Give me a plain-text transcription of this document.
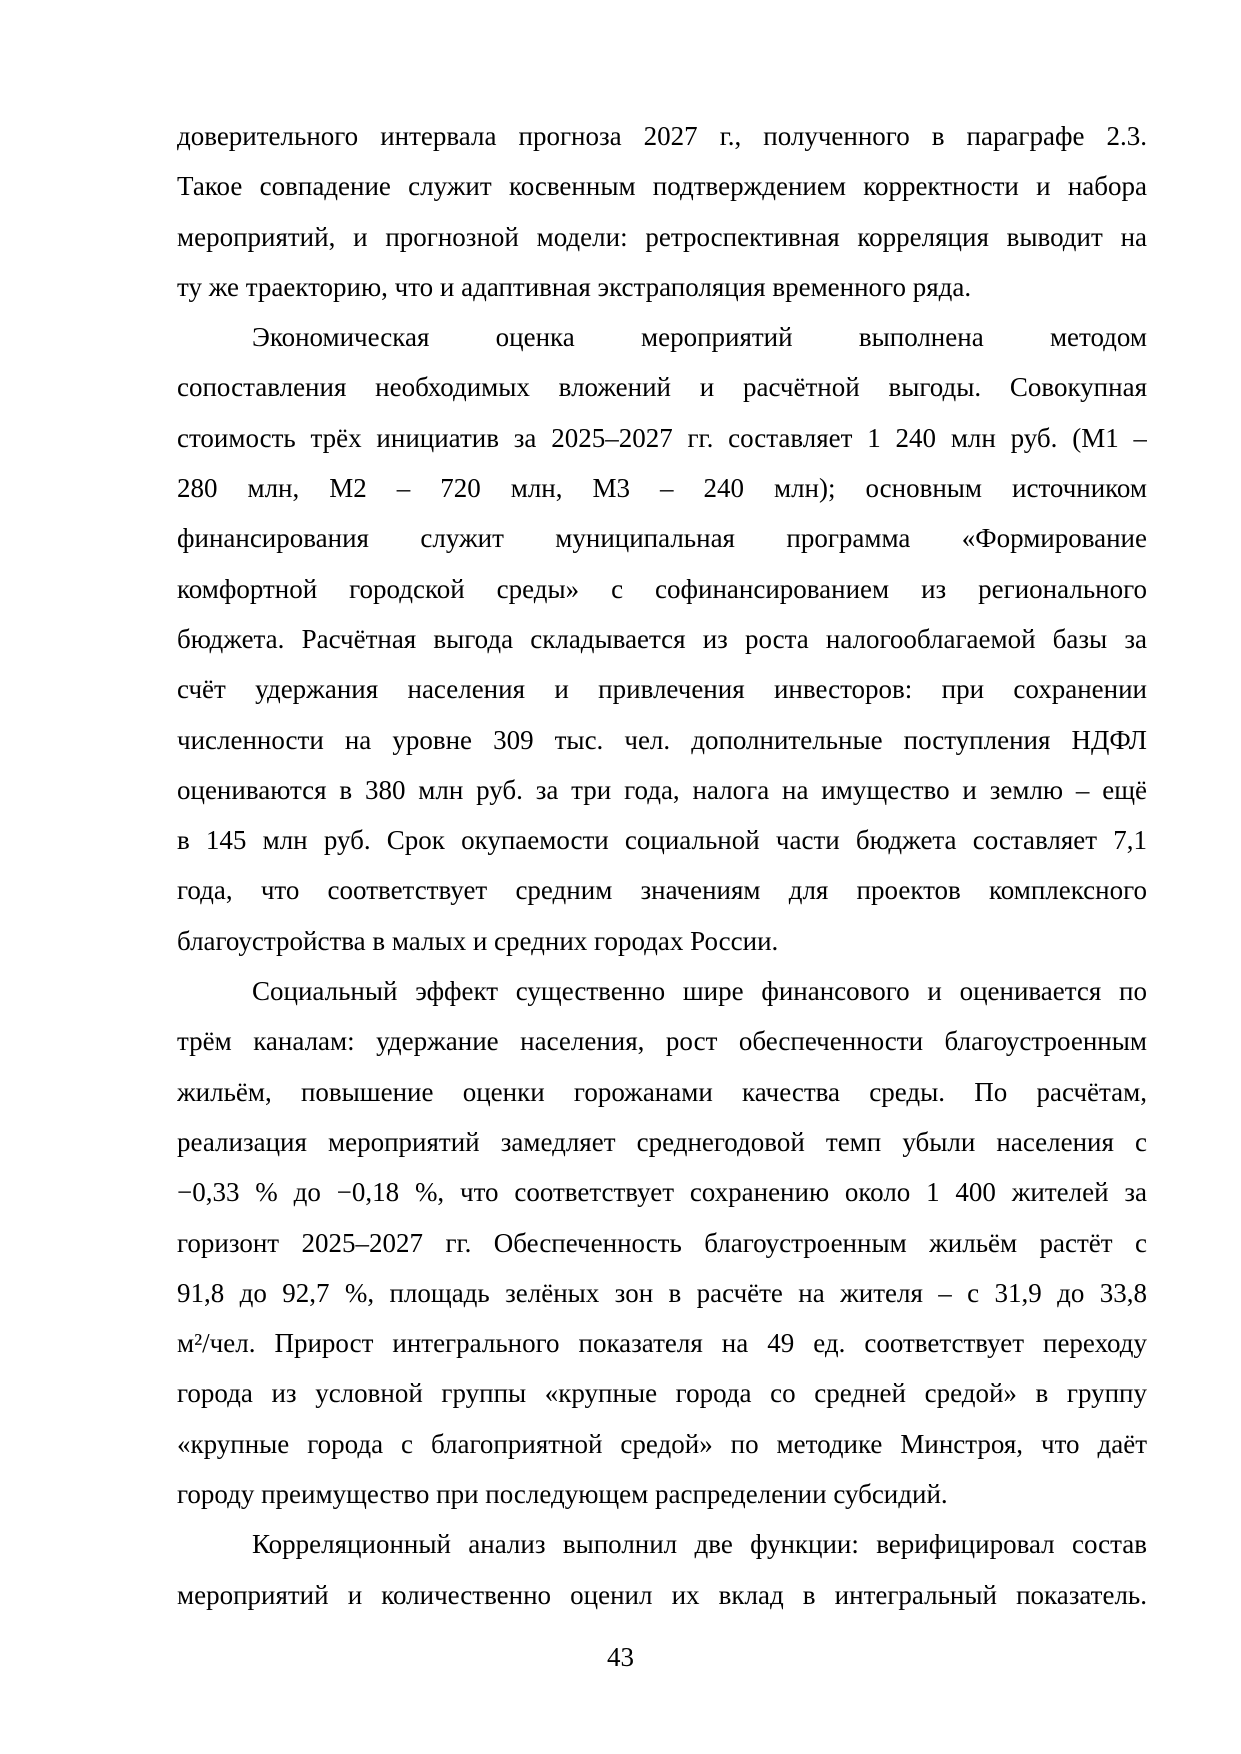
доверительного интервала прогноза 2027 г., полученного в параграфе 2.3.
Такое совпадение служит косвенным подтверждением корректности и набора
мероприятий, и прогнозной модели: ретроспективная корреляция выводит на
ту же траекторию, что и адаптивная экстраполяция временного ряда.
Экономическая оценка мероприятий выполнена методом
сопоставления необходимых вложений и расчётной выгоды. Совокупная
стоимость трёх инициатив за 2025–2027 гг. составляет 1 240 млн руб. (М1 –
280 млн, М2 – 720 млн, М3 – 240 млн); основным источником
финансирования служит муниципальная программа «Формирование
комфортной городской среды» с софинансированием из регионального
бюджета. Расчётная выгода складывается из роста налогооблагаемой базы за
счёт удержания населения и привлечения инвесторов: при сохранении
численности на уровне 309 тыс. чел. дополнительные поступления НДФЛ
оцениваются в 380 млн руб. за три года, налога на имущество и землю – ещё
в 145 млн руб. Срок окупаемости социальной части бюджета составляет 7,1
года, что соответствует средним значениям для проектов комплексного
благоустройства в малых и средних городах России.
Социальный эффект существенно шире финансового и оценивается по
трём каналам: удержание населения, рост обеспеченности благоустроенным
жильём, повышение оценки горожанами качества среды. По расчётам,
реализация мероприятий замедляет среднегодовой темп убыли населения с
−0,33 % до −0,18 %, что соответствует сохранению около 1 400 жителей за
горизонт 2025–2027 гг. Обеспеченность благоустроенным жильём растёт с
91,8 до 92,7 %, площадь зелёных зон в расчёте на жителя – с 31,9 до 33,8
м²/чел. Прирост интегрального показателя на 49 ед. соответствует переходу
города из условной группы «крупные города со средней средой» в группу
«крупные города с благоприятной средой» по методике Минстроя, что даёт
городу преимущество при последующем распределении субсидий.
Корреляционный анализ выполнил две функции: верифицировал состав
мероприятий и количественно оценил их вклад в интегральный показатель.
43
